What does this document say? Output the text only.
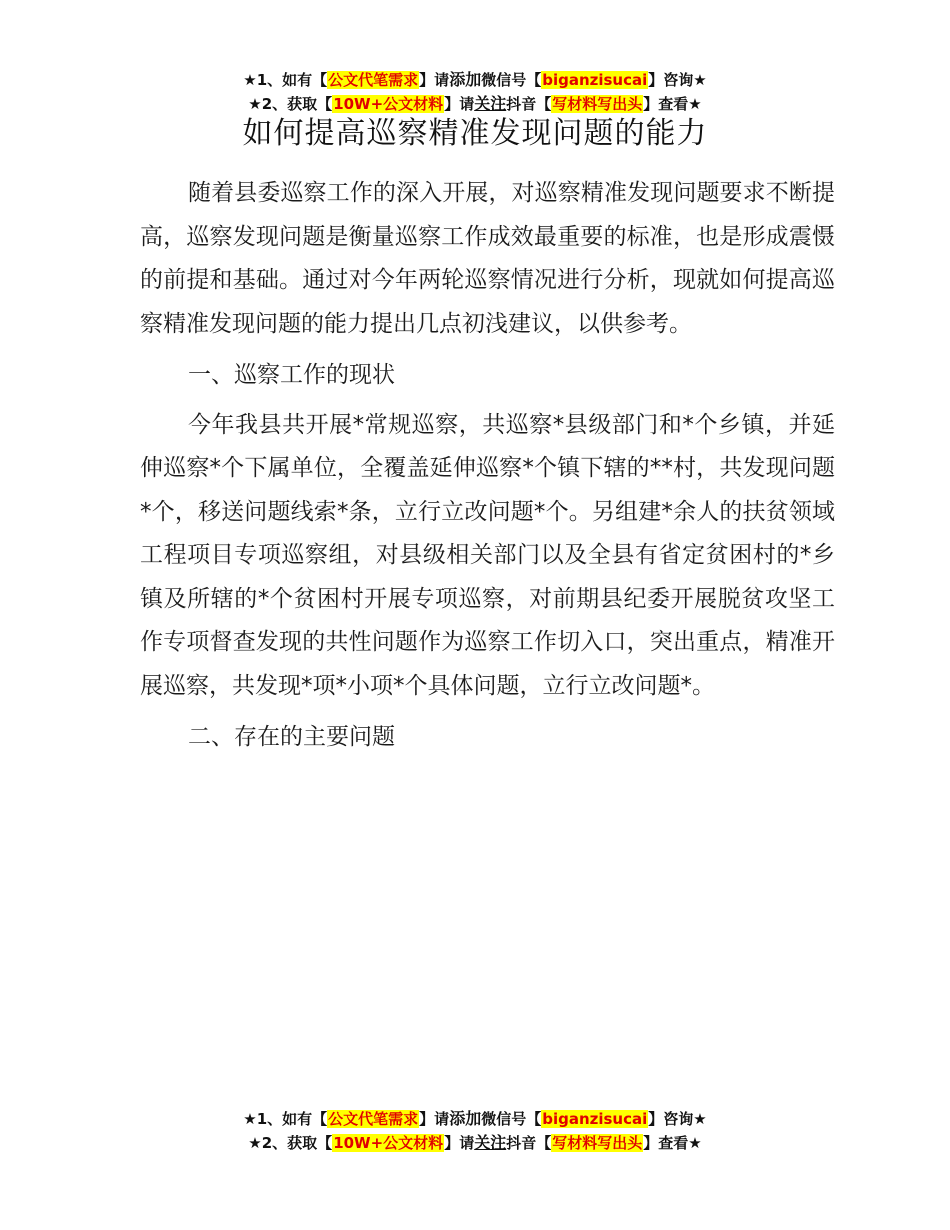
★1、如有【公文代笔需求】请添加微信号【biganzisucai】咨询★
★2、获取【10W+公文材料】请关注抖音【写材料写出头】查看★
如何提高巡察精准发现问题的能力

随着县委巡察工作的深入开展，对巡察精准发现问题要求不断提高，巡察发现问题是衡量巡察工作成效最重要的标准，也是形成震慑的前提和基础。通过对今年两轮巡察情况进行分析，现就如何提高巡察精准发现问题的能力提出几点初浅建议，以供参考。

一、巡察工作的现状

今年我县共开展*常规巡察，共巡察*县级部门和*个乡镇，并延伸巡察*个下属单位，全覆盖延伸巡察*个镇下辖的**村，共发现问题*个，移送问题线索*条，立行立改问题*个。另组建*余人的扶贫领域工程项目专项巡察组，对县级相关部门以及全县有省定贫困村的*乡镇及所辖的*个贫困村开展专项巡察，对前期县纪委开展脱贫攻坚工作专项督查发现的共性问题作为巡察工作切入口，突出重点，精准开展巡察，共发现*项*小项*个具体问题，立行立改问题*。

二、存在的主要问题

★1、如有【公文代笔需求】请添加微信号【biganzisucai】咨询★
★2、获取【10W+公文材料】请关注抖音【写材料写出头】查看★
